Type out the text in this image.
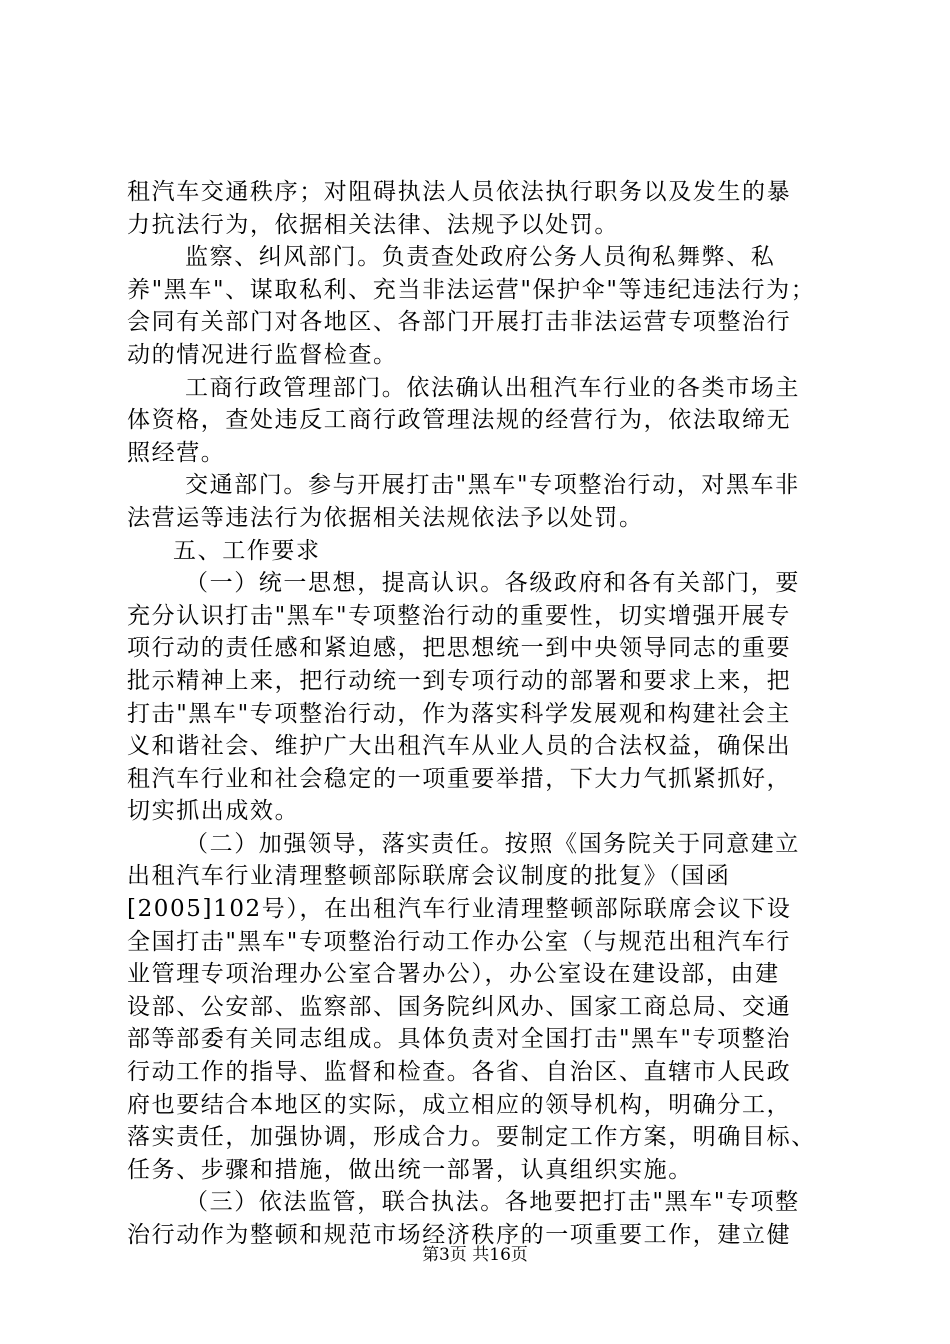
租汽车交通秩序；对阻碍执法人员依法执行职务以及发生的暴
力抗法行为，依据相关法律、法规予以处罚。
监察、纠风部门。负责查处政府公务人员徇私舞弊、私
养"黑车"、谋取私利、充当非法运营"保护伞"等违纪违法行为；
会同有关部门对各地区、各部门开展打击非法运营专项整治行
动的情况进行监督检查。
工商行政管理部门。依法确认出租汽车行业的各类市场主
体资格，查处违反工商行政管理法规的经营行为，依法取缔无
照经营。
交通部门。参与开展打击"黑车"专项整治行动，对黑车非
法营运等违法行为依据相关法规依法予以处罚。
五、工作要求
（一）统一思想，提高认识。各级政府和各有关部门，要
充分认识打击"黑车"专项整治行动的重要性，切实增强开展专
项行动的责任感和紧迫感，把思想统一到中央领导同志的重要
批示精神上来，把行动统一到专项行动的部署和要求上来，把
打击"黑车"专项整治行动，作为落实科学发展观和构建社会主
义和谐社会、维护广大出租汽车从业人员的合法权益，确保出
租汽车行业和社会稳定的一项重要举措，下大力气抓紧抓好，
切实抓出成效。
（二）加强领导，落实责任。按照《国务院关于同意建立
出租汽车行业清理整顿部际联席会议制度的批复》（国函
[2005]102号），在出租汽车行业清理整顿部际联席会议下设
全国打击"黑车"专项整治行动工作办公室（与规范出租汽车行
业管理专项治理办公室合署办公），办公室设在建设部，由建
设部、公安部、监察部、国务院纠风办、国家工商总局、交通
部等部委有关同志组成。具体负责对全国打击"黑车"专项整治
行动工作的指导、监督和检查。各省、自治区、直辖市人民政
府也要结合本地区的实际，成立相应的领导机构，明确分工，
落实责任，加强协调，形成合力。要制定工作方案，明确目标、
任务、步骤和措施，做出统一部署，认真组织实施。
（三）依法监管，联合执法。各地要把打击"黑车"专项整
治行动作为整顿和规范市场经济秩序的一项重要工作，建立健
第3页 共16页
